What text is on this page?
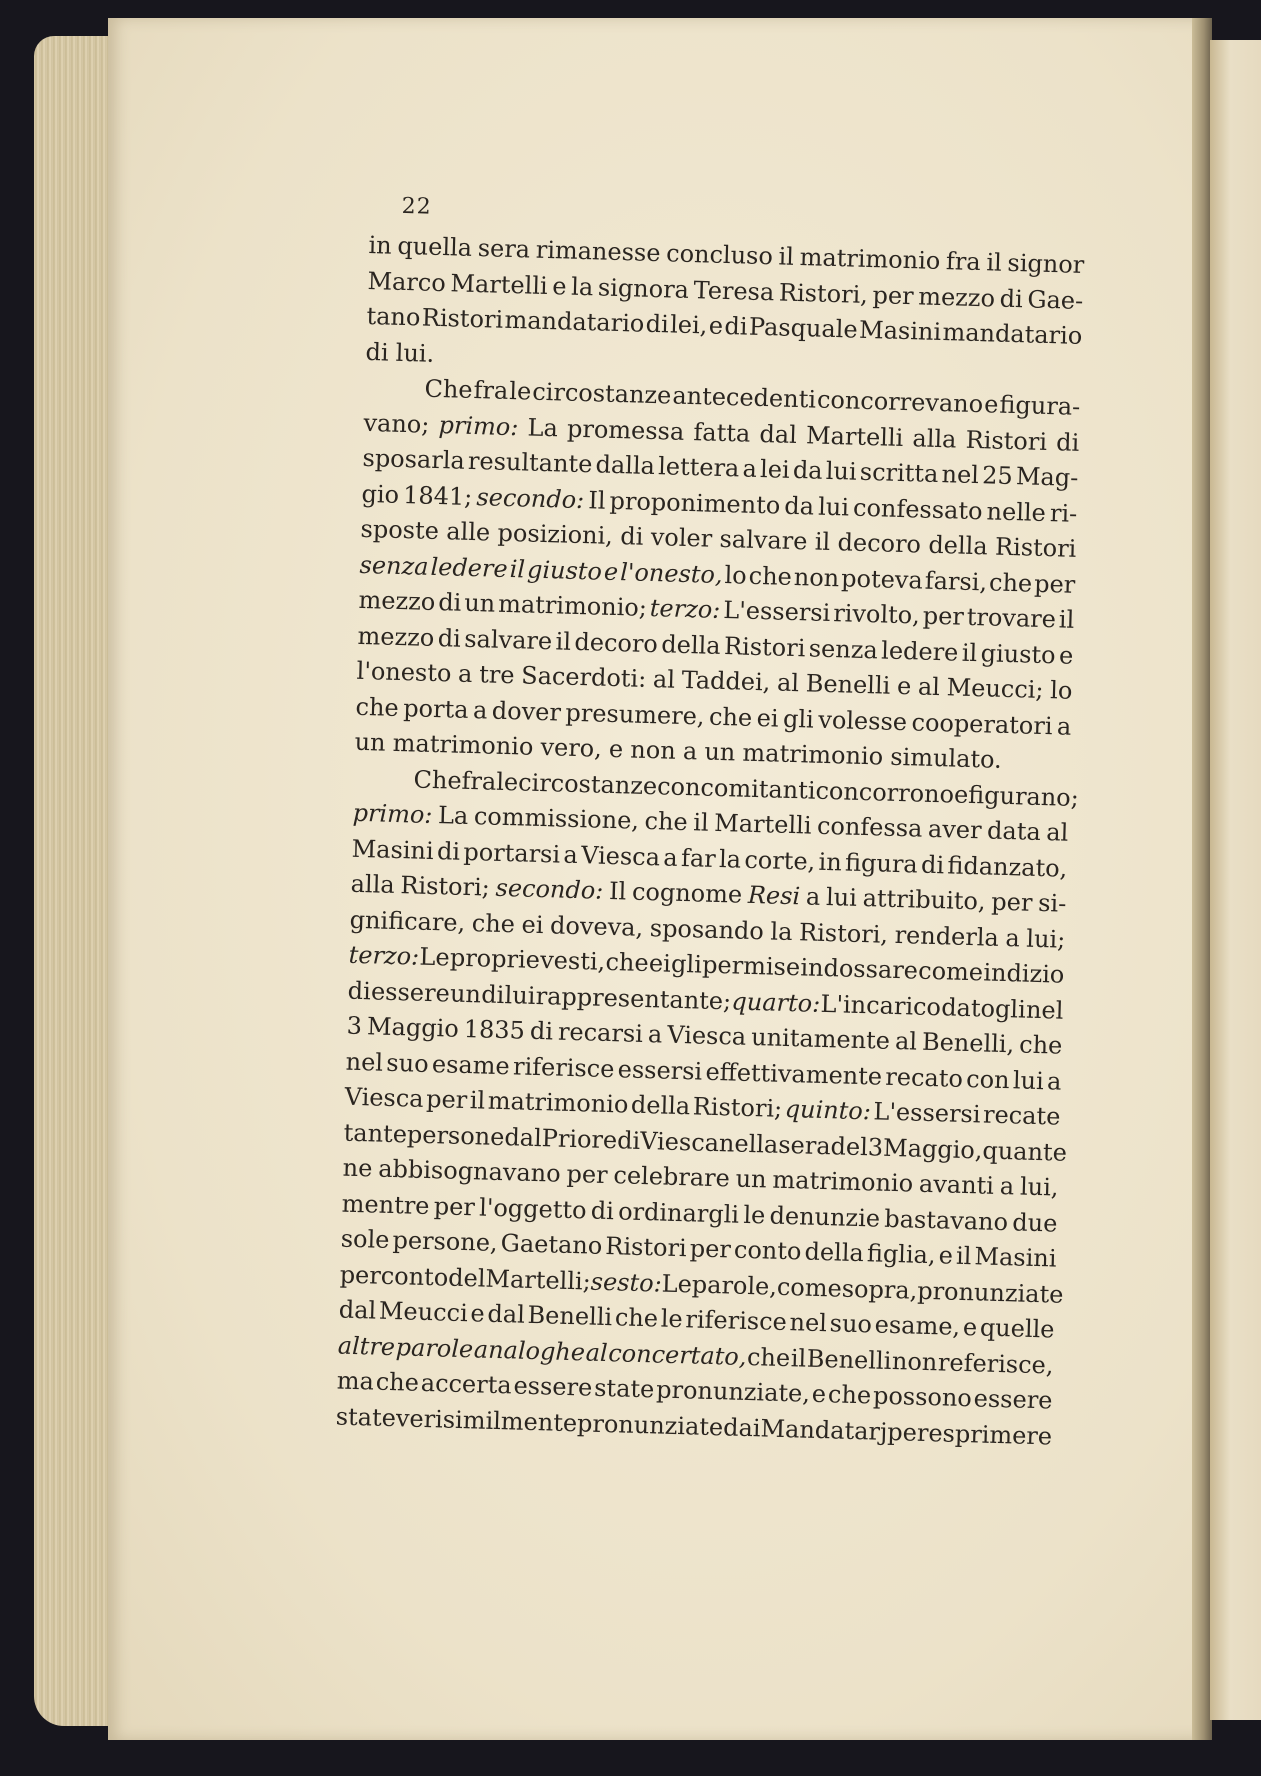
22
in quella sera rimanesse concluso il matrimonio fra il signor
Marco Martelli e la signora Teresa Ristori, per mezzo di Gae-
tano Ristori mandatario di lei, e di Pasquale Masini mandatario
di lui.
Che fra le circostanze antecedenti concorrevano e figura-
vano; primo: La promessa fatta dal Martelli alla Ristori di
sposarla resultante dalla lettera a lei da lui scritta nel 25 Mag-
gio 1841; secondo: Il proponimento da lui confessato nelle ri-
sposte alle posizioni, di voler salvare il decoro della Ristori
senza ledere il giusto e l'onesto, lo che non poteva farsi, che per
mezzo di un matrimonio; terzo: L'essersi rivolto, per trovare il
mezzo di salvare il decoro della Ristori senza ledere il giusto e
l'onesto a tre Sacerdoti: al Taddei, al Benelli e al Meucci; lo
che porta a dover presumere, che ei gli volesse cooperatori a
un matrimonio vero, e non a un matrimonio simulato.
Che fra le circostanze concomitanti concorrono e figurano;
primo: La commissione, che il Martelli confessa aver data al
Masini di portarsi a Viesca a far la corte, in figura di fidanzato,
alla Ristori; secondo: Il cognome Resi a lui attribuito, per si-
gnificare, che ei doveva, sposando la Ristori, renderla a lui;
terzo: Le proprie vesti, che ei gli permise indossare come indizio
di essere un di lui rappresentante; quarto: L'incarico datogli nel
3 Maggio 1835 di recarsi a Viesca unitamente al Benelli, che
nel suo esame riferisce essersi effettivamente recato con lui a
Viesca per il matrimonio della Ristori; quinto: L'essersi recate
tante persone dal Priore di Viesca nella sera del 3 Maggio, quante
ne abbisognavano per celebrare un matrimonio avanti a lui,
mentre per l'oggetto di ordinargli le denunzie bastavano due
sole persone, Gaetano Ristori per conto della figlia, e il Masini
per conto del Martelli; sesto: Le parole, come sopra, pronunziate
dal Meucci e dal Benelli che le riferisce nel suo esame, e quelle
altre parole analoghe al concertato, che il Benelli non referisce,
ma che accerta essere state pronunziate, e che possono essere
state verisimilmente pronunziate dai Mandatarj per esprimere
